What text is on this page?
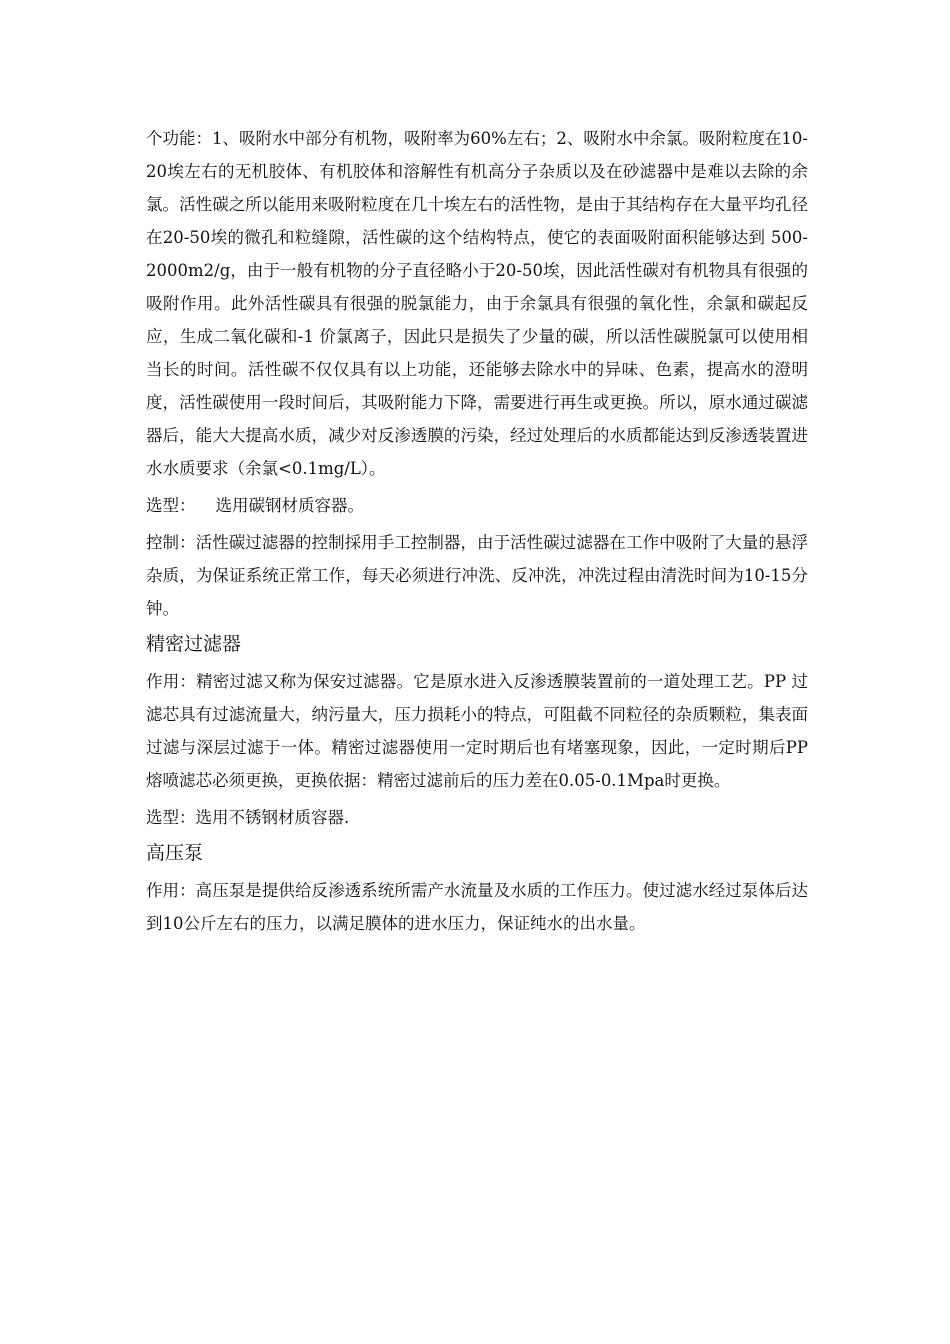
个功能：1、吸附水中部分有机物，吸附率为60%左右；2、吸附水中余氯。吸附粒度在10-20埃左右的无机胶体、有机胶体和溶解性有机高分子杂质以及在砂滤器中是难以去除的余氯。活性碳之所以能用来吸附粒度在几十埃左右的活性物，是由于其结构存在大量平均孔径在20-50埃的微孔和粒缝隙，活性碳的这个结构特点，使它的表面吸附面积能够达到 500-2000m2/g，由于一般有机物的分子直径略小于20-50埃，因此活性碳对有机物具有很强的吸附作用。此外活性碳具有很强的脱氯能力，由于余氯具有很强的氧化性，余氯和碳起反应，生成二氧化碳和-1 价氯离子，因此只是损失了少量的碳，所以活性碳脱氯可以使用相当长的时间。活性碳不仅仅具有以上功能，还能够去除水中的异味、色素，提高水的澄明度，活性碳使用一段时间后，其吸附能力下降，需要进行再生或更换。所以，原水通过碳滤器后，能大大提高水质，减少对反渗透膜的污染，经过处理后的水质都能达到反渗透装置进水水质要求（余氯<0.1mg/L）。

选型： 选用碳钢材质容器。

控制：活性碳过滤器的控制採用手工控制器，由于活性碳过滤器在工作中吸附了大量的悬浮杂质，为保证系统正常工作，每天必须进行冲洗、反冲洗，冲洗过程由清洗时间为10-15分钟。

精密过滤器

作用：精密过滤又称为保安过滤器。它是原水进入反渗透膜装置前的一道处理工艺。PP 过滤芯具有过滤流量大，纳污量大，压力损耗小的特点，可阻截不同粒径的杂质颗粒，集表面过滤与深层过滤于一体。精密过滤器使用一定时期后也有堵塞现象，因此，一定时期后PP熔喷滤芯必须更换，更换依据：精密过滤前后的压力差在0.05-0.1Mpa时更换。

选型：选用不锈钢材质容器.

高压泵

作用：高压泵是提供给反渗透系统所需产水流量及水质的工作压力。使过滤水经过泵体后达到10公斤左右的压力，以满足膜体的进水压力，保证纯水的出水量。
